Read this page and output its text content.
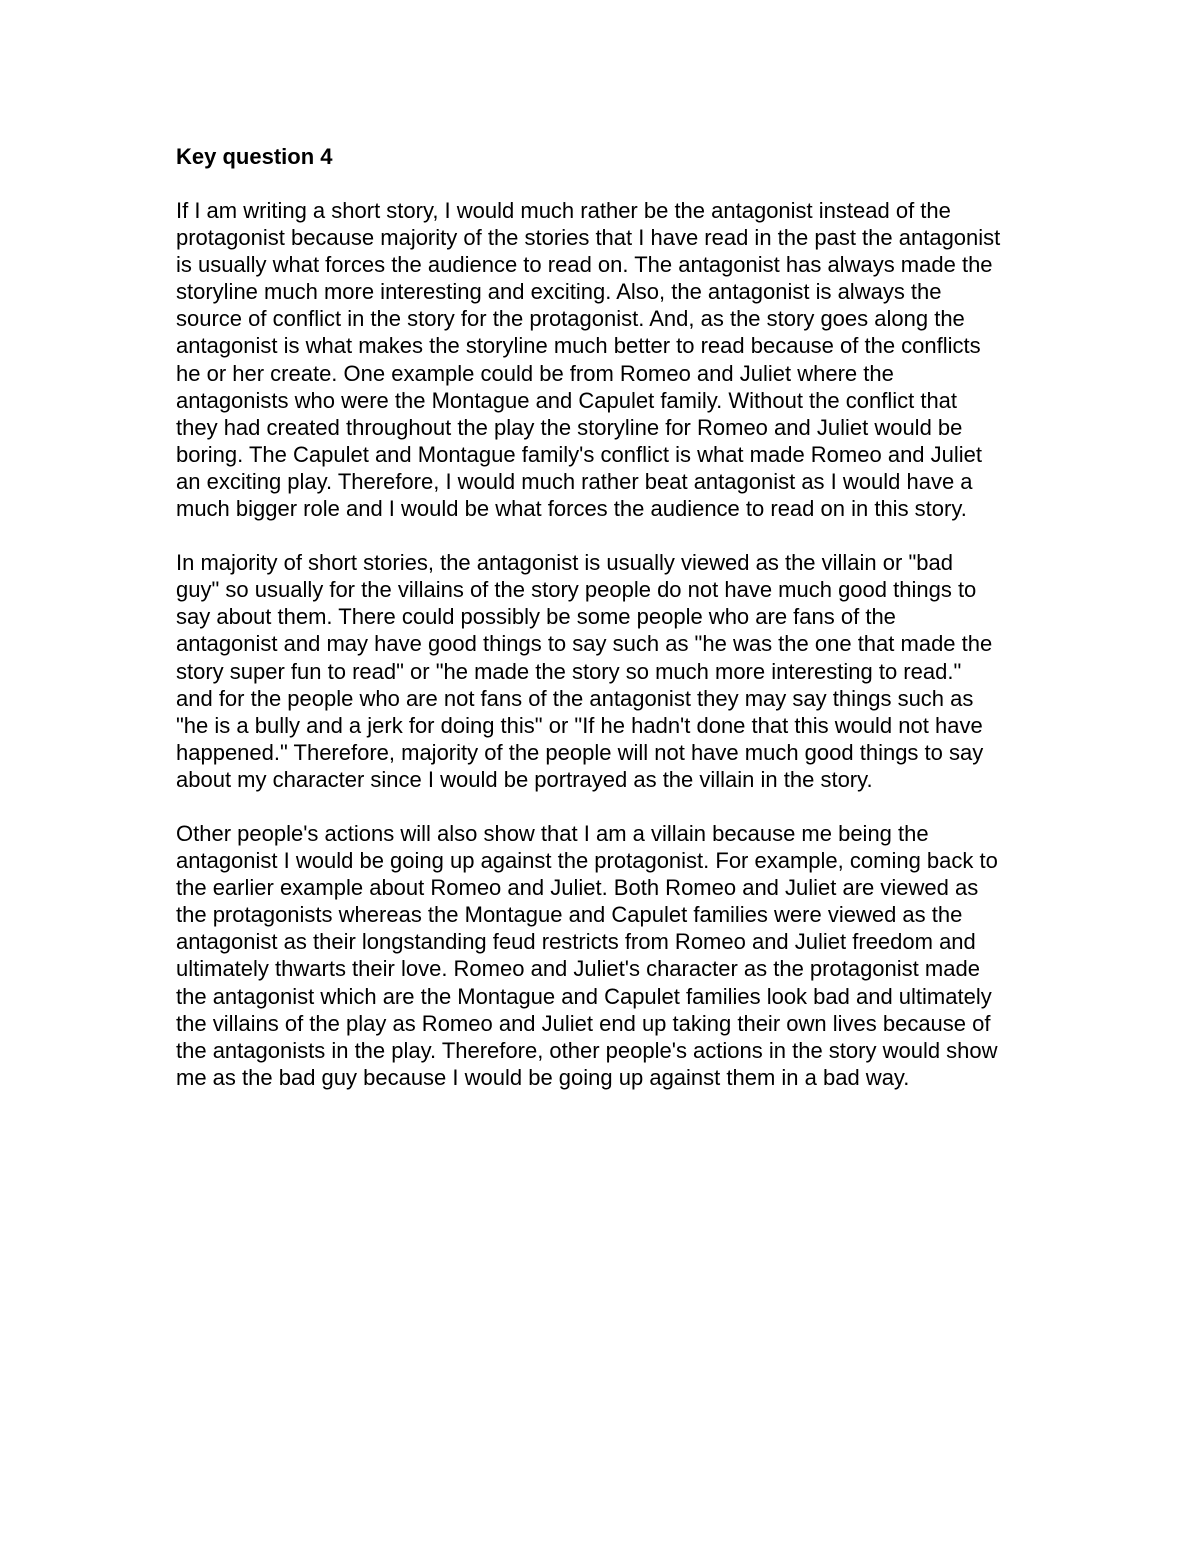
Key question 4
If I am writing a short story, I would much rather be the antagonist instead of the
protagonist because majority of the stories that I have read in the past the antagonist
is usually what forces the audience to read on. The antagonist has always made the
storyline much more interesting and exciting. Also, the antagonist is always the
source of conflict in the story for the protagonist. And, as the story goes along the
antagonist is what makes the storyline much better to read because of the conflicts
he or her create. One example could be from Romeo and Juliet where the
antagonists who were the Montague and Capulet family. Without the conflict that
they had created throughout the play the storyline for Romeo and Juliet would be
boring. The Capulet and Montague family's conflict is what made Romeo and Juliet
an exciting play. Therefore, I would much rather beat antagonist as I would have a
much bigger role and I would be what forces the audience to read on in this story.
In majority of short stories, the antagonist is usually viewed as the villain or "bad
guy" so usually for the villains of the story people do not have much good things to
say about them. There could possibly be some people who are fans of the
antagonist and may have good things to say such as "he was the one that made the
story super fun to read" or "he made the story so much more interesting to read."
and for the people who are not fans of the antagonist they may say things such as
"he is a bully and a jerk for doing this" or "If he hadn't done that this would not have
happened." Therefore, majority of the people will not have much good things to say
about my character since I would be portrayed as the villain in the story.
Other people's actions will also show that I am a villain because me being the
antagonist I would be going up against the protagonist. For example, coming back to
the earlier example about Romeo and Juliet. Both Romeo and Juliet are viewed as
the protagonists whereas the Montague and Capulet families were viewed as the
antagonist as their longstanding feud restricts from Romeo and Juliet freedom and
ultimately thwarts their love. Romeo and Juliet's character as the protagonist made
the antagonist which are the Montague and Capulet families look bad and ultimately
the villains of the play as Romeo and Juliet end up taking their own lives because of
the antagonists in the play. Therefore, other people's actions in the story would show
me as the bad guy because I would be going up against them in a bad way.
